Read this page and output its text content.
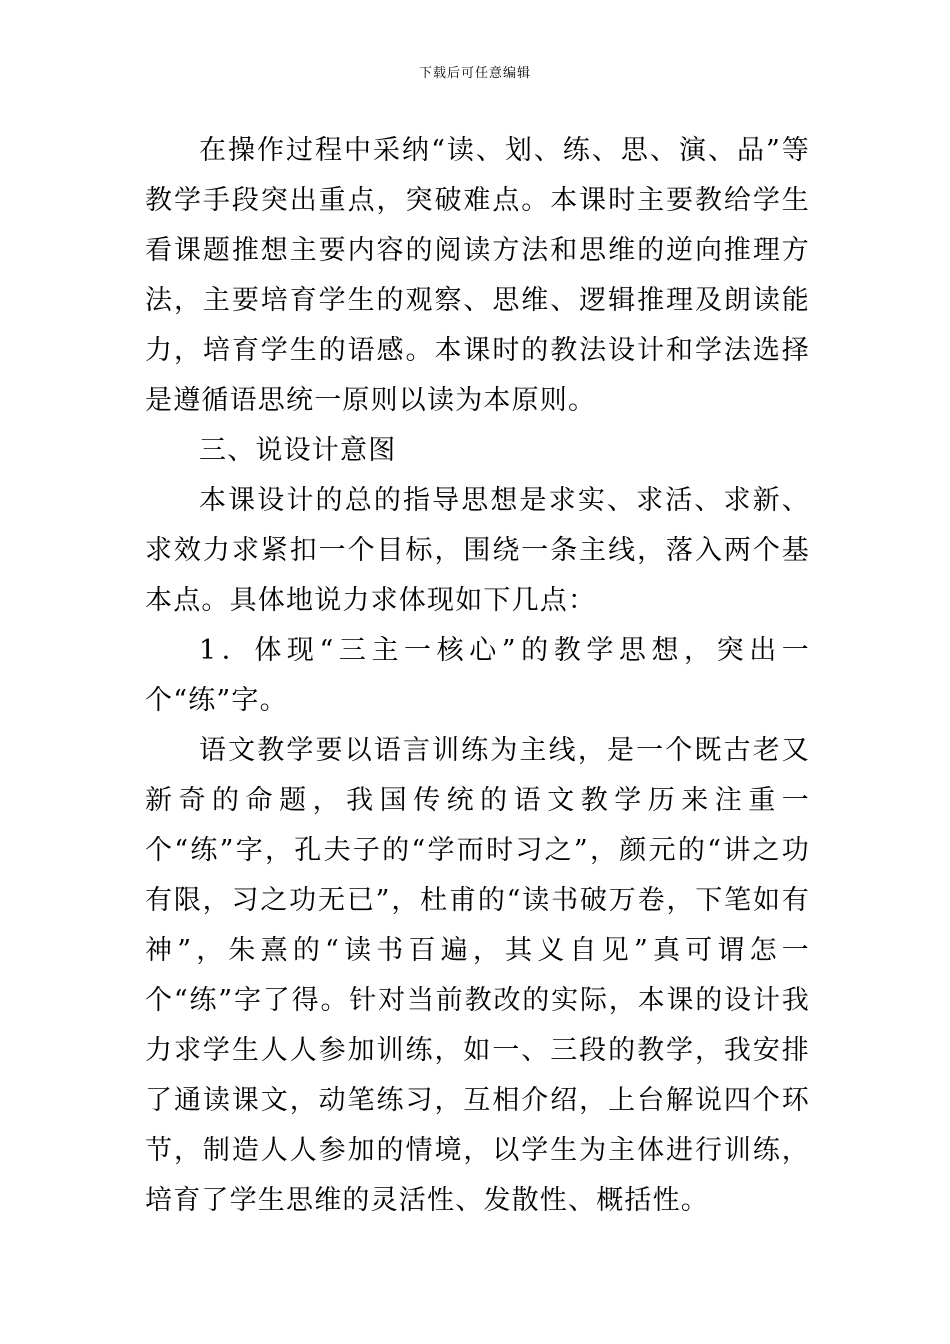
下载后可任意编辑

在操作过程中采纳“读、划、练、思、演、品”等教学手段突出重点，突破难点。本课时主要教给学生看课题推想主要内容的阅读方法和思维的逆向推理方法，主要培育学生的观察、思维、逻辑推理及朗读能力，培育学生的语感。本课时的教法设计和学法选择是遵循语思统一原则以读为本原则。

三、说设计意图

本课设计的总的指导思想是求实、求活、求新、求效力求紧扣一个目标，围绕一条主线，落入两个基本点。具体地说力求体现如下几点：

1．体现“三主一核心”的教学思想，突出一个“练”字。

语文教学要以语言训练为主线，是一个既古老又新奇的命题，我国传统的语文教学历来注重一个“练”字，孔夫子的“学而时习之”，颜元的“讲之功有限，习之功无已”，杜甫的“读书破万卷，下笔如有神”，朱熹的“读书百遍，其义自见”真可谓怎一个“练”字了得。针对当前教改的实际，本课的设计我力求学生人人参加训练，如一、三段的教学，我安排了通读课文，动笔练习，互相介绍，上台解说四个环节，制造人人参加的情境，以学生为主体进行训练，培育了学生思维的灵活性、发散性、概括性。
